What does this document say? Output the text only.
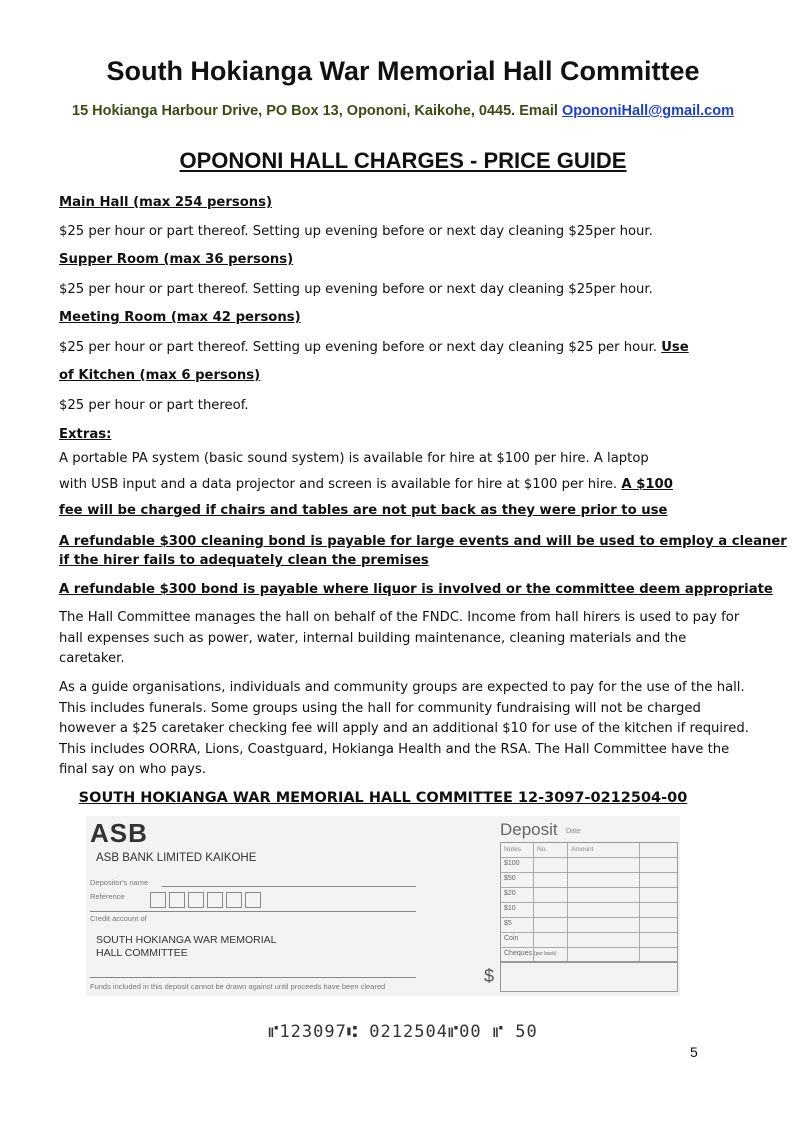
South Hokianga War Memorial Hall Committee
15 Hokianga Harbour Drive, PO Box 13, Opononi, Kaikohe, 0445. Email OpononiHall@gmail.com
OPONONI HALL CHARGES - PRICE GUIDE
Main Hall (max 254 persons)
$25 per hour or part thereof. Setting up evening before or next day cleaning $25per hour.
Supper Room (max 36 persons)
$25 per hour or part thereof. Setting up evening before or next day cleaning $25per hour.
Meeting Room (max 42 persons)
$25 per hour or part thereof. Setting up evening before or next day cleaning $25 per hour. Use
of Kitchen (max 6 persons)
$25 per hour or part thereof.
Extras:
A portable PA system (basic sound system) is available for hire at $100 per hire. A laptop
with USB input and a data projector and screen is available for hire at $100 per hire. A $100
fee will be charged if chairs and tables are not put back as they were prior to use
A refundable $300 cleaning bond is payable for large events and will be used to employ a cleaner
if the hirer fails to adequately clean the premises
A refundable $300 bond is payable where liquor is involved or the committee deem appropriate
The Hall Committee manages the hall on behalf of the FNDC. Income from hall hirers is used to pay for hall expenses such as power, water, internal building maintenance, cleaning materials and the caretaker.
As a guide organisations, individuals and community groups are expected to pay for the use of the hall. This includes funerals. Some groups using the hall for community fundraising will not be charged however a $25 caretaker checking fee will apply and an additional $10 for use of the kitchen if required. This includes OORRA, Lions, Coastguard, Hokianga Health and the RSA. The Hall Committee have the final say on who pays.
SOUTH HOKIANGA WAR MEMORIAL HALL COMMITTEE 12-3097-0212504-00
ASB
ASB BANK LIMITED KAIKOHE
Depositor's name
Reference
Credit account of
SOUTH HOKIANGA WAR MEMORIAL
HALL COMMITTEE
Funds included in this deposit cannot be drawn against until proceeds have been cleared
Deposit Date
Notes No.	Amount
$100
$50
$20
$10
$5
Coin
Cheques (per back)
$
⑈123097⑆ 0212504⑈00 ⑈ 50
5
